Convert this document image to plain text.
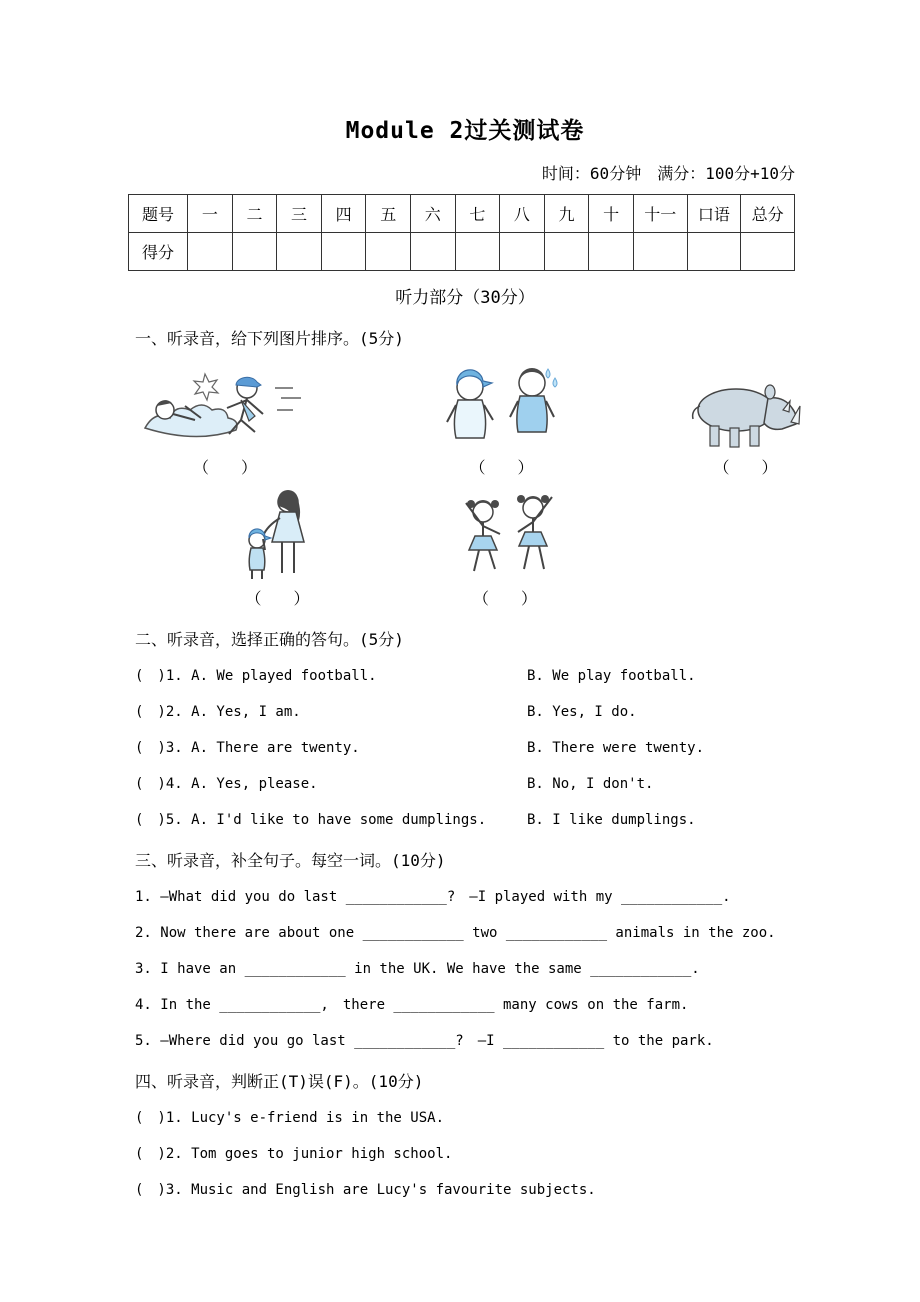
Module 2过关测试卷
时间：60分钟　满分：100分+10分
题号	一	二	三	四	五	六	七	八	九	十	十一	口语	总分
得分													
听力部分（30分）
一、听录音，给下列图片排序。(5分)
（　　）	（　　）	（　　）
（　　）	（　　）
二、听录音，选择正确的答句。(5分)
(　)1. A. We played football.	B. We play football.
(　)2. A. Yes, I am.	B. Yes, I do.
(　)3. A. There are twenty.	B. There were twenty.
(　)4. A. Yes, please.	B. No, I don't.
(　)5. A. I'd like to have some dumplings.	B. I like dumplings.
三、听录音，补全句子。每空一词。(10分)
1. —What did you do last ____________?　—I played with my ____________.
2. Now there are about one ____________ two ____________ animals in the zoo.
3. I have an ____________ in the UK. We have the same ____________.
4. In the ____________,　there ____________ many cows on the farm.
5. —Where did you go last ____________?　—I ____________ to the park.
四、听录音，判断正(T)误(F)。(10分)
(　)1. Lucy's e-friend is in the USA.
(　)2. Tom goes to junior high school.
(　)3. Music and English are Lucy's favourite subjects.
